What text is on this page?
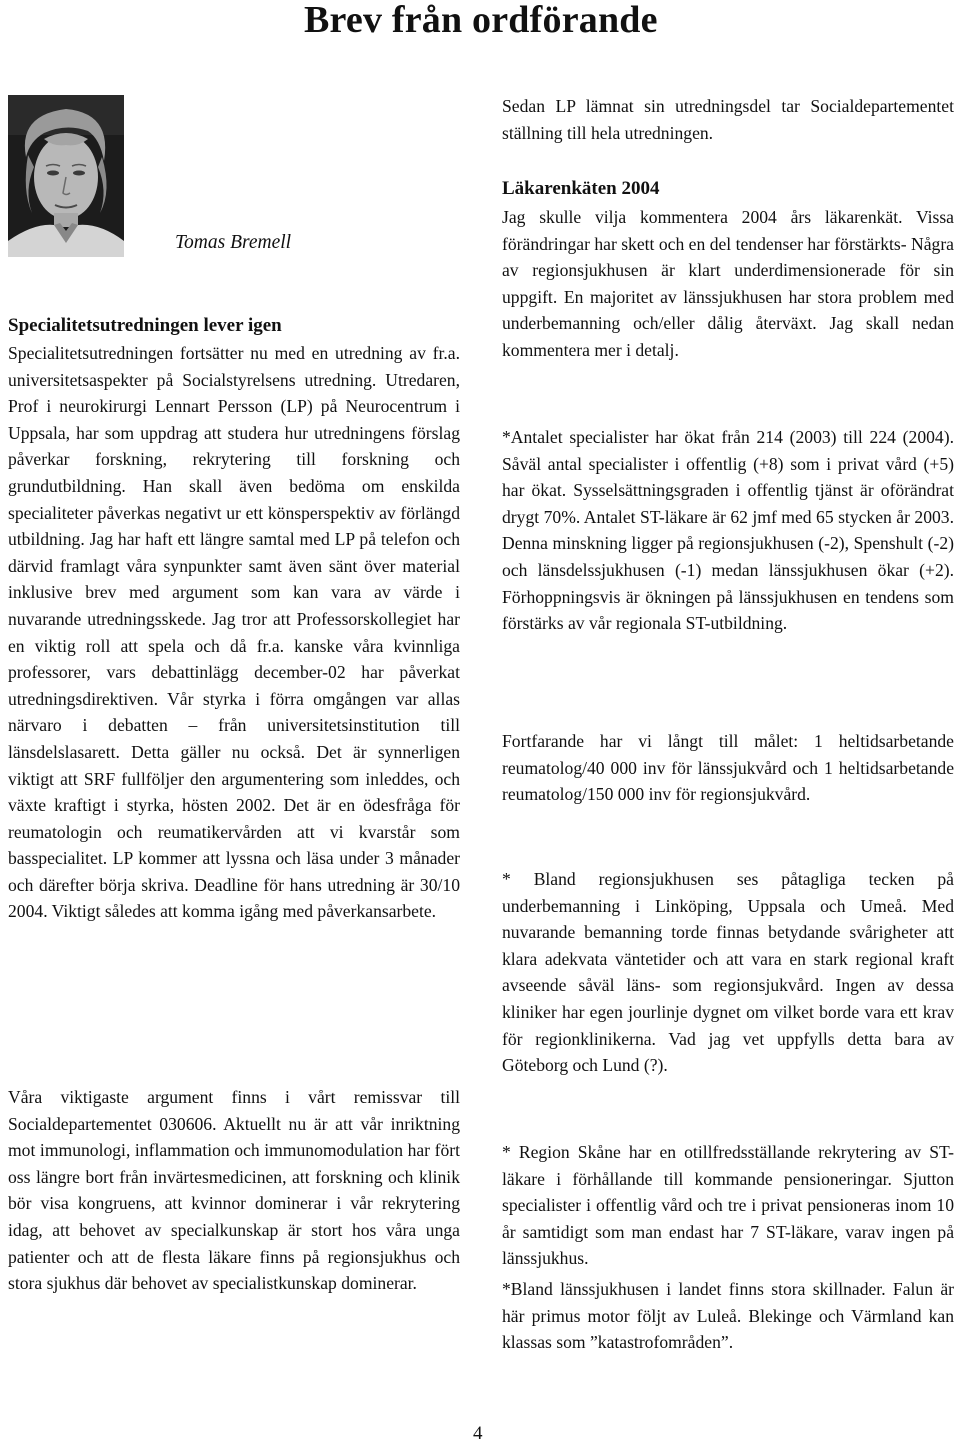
Brev från ordförande
Tomas Bremell
Specialitetsutredningen lever igen

Specialitetsutredningen fortsätter nu med en utredning av fr.a. universitetsaspekter på Socialstyrelsens utredning. Utredaren, Prof i neurokirurgi Lennart Persson (LP) på Neurocentrum i Uppsala, har som uppdrag att studera hur utredningens förslag påverkar forskning, rekrytering till forskning och grundutbildning. Han skall även bedöma om enskilda specialiteter påverkas negativt ur ett könsperspektiv av förlängd utbildning. Jag har haft ett längre samtal med LP på telefon och därvid framlagt våra synpunkter samt även sänt över material inklusive brev med argument som kan vara av värde i nuvarande utredningsskede. Jag tror att Professorskollegiet har en viktig roll att spela och då fr.a. kanske våra kvinnliga professorer, vars debattinlägg december-02 har påverkat utredningsdirektiven. Vår styrka i förra omgången var allas närvaro i debatten – från universitetsinstitution till länsdelslasarett. Detta gäller nu också. Det är synnerligen viktigt att SRF fullföljer den argumentering som inleddes, och växte kraftigt i styrka, hösten 2002. Det är en ödesfråga för reumatologin och reumatikervården att vi kvarstår som basspecialitet. LP kommer att lyssna och läsa under 3 månader och därefter börja skriva. Deadline för hans utredning är 30/10 2004. Viktigt således att komma igång med påverkansarbete.

Våra viktigaste argument finns i vårt remissvar till Socialdepartementet 030606. Aktuellt nu är att vår inriktning mot immunologi, inflammation och immunomodulation har fört oss längre bort från invärtesmedicinen, att forskning och klinik bör visa kongruens, att kvinnor dominerar i vår rekrytering idag, att behovet av specialkunskap är stort hos våra unga patienter och att de flesta läkare finns på regionsjukhus och stora sjukhus där behovet av specialistkunskap dominerar.

Sedan LP lämnat sin utredningsdel tar Socialdepartementet ställning till hela utredningen.

Läkarenkäten 2004

Jag skulle vilja kommentera 2004 års läkarenkät. Vissa förändringar har skett och en del tendenser har förstärkts- Några av regionsjukhusen är klart underdimensionerade för sin uppgift. En majoritet av länssjukhusen har stora problem med underbemanning och/eller dålig återväxt. Jag skall nedan kommentera mer i detalj.

*Antalet specialister har ökat från 214 (2003) till 224 (2004). Såväl antal specialister i offentlig (+8) som i privat vård (+5) har ökat. Sysselsättningsgraden i offentlig tjänst är oförändrat drygt 70%. Antalet ST-läkare är 62 jmf med 65 stycken år 2003. Denna minskning ligger på regionsjukhusen (-2), Spenshult (-2) och länsdelssjukhusen (-1) medan länssjukhusen ökar (+2). Förhoppningsvis är ökningen på länssjukhusen en tendens som förstärks av vår regionala ST-utbildning.

Fortfarande har vi långt till målet: 1 heltidsarbetande reumatolog/40 000 inv för länssjukvård och 1 heltidsarbetande reumatolog/150 000 inv för regionsjukvård.

* Bland regionsjukhusen ses påtagliga tecken på underbemanning i Linköping, Uppsala och Umeå. Med nuvarande bemanning torde finnas betydande svårigheter att klara adekvata väntetider och att vara en stark regional kraft avseende såväl läns- som regionsjukvård. Ingen av dessa kliniker har egen jourlinje dygnet om vilket borde vara ett krav för regionklinikerna. Vad jag vet uppfylls detta bara av Göteborg och Lund (?).

* Region Skåne har en otillfredsställande rekrytering av ST-läkare i förhållande till kommande pensioneringar. Sjutton specialister i offentlig vård och tre i privat pensioneras inom 10 år samtidigt som man endast har 7 ST-läkare, varav ingen på länssjukhus.

*Bland länssjukhusen i landet finns stora skillnader. Falun är här primus motor följt av Luleå. Blekinge och Värmland kan klassas som ”katastrofområden”.

4
